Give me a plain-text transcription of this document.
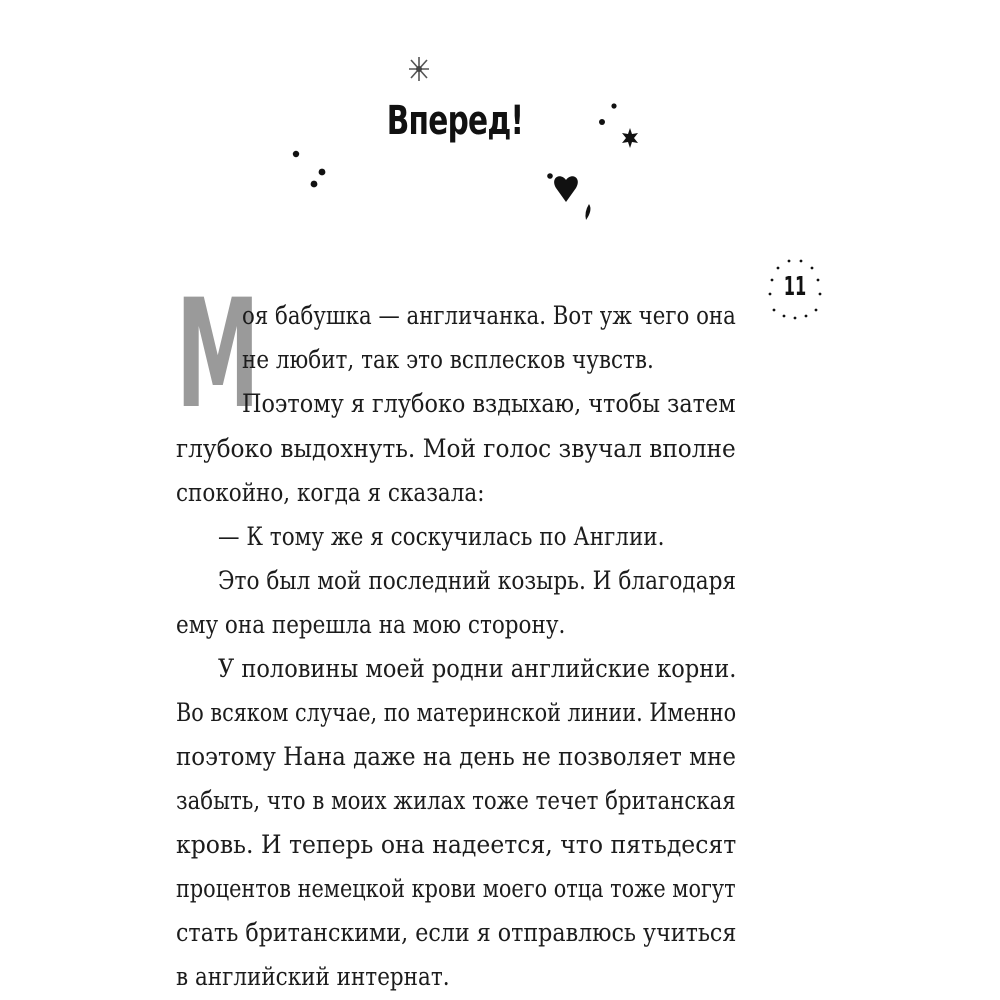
Вперед!
11
М
оя бабушка — англичанка. Вот уж чего она
не любит, так это всплесков чувств.
Поэтому я глубоко вздыхаю, чтобы затем
глубоко выдохнуть. Мой голос звучал вполне
спокойно, когда я сказала:
— К тому же я соскучилась по Англии.
Это был мой последний козырь. И благодаря
ему она перешла на мою сторону.
У половины моей родни английские корни.
Во всяком случае, по материнской линии. Именно
поэтому Нана даже на день не позволяет мне
забыть, что в моих жилах тоже течет британская
кровь. И теперь она надеется, что пятьдесят
процентов немецкой крови моего отца тоже могут
стать британскими, если я отправлюсь учиться
в английский интернат.
